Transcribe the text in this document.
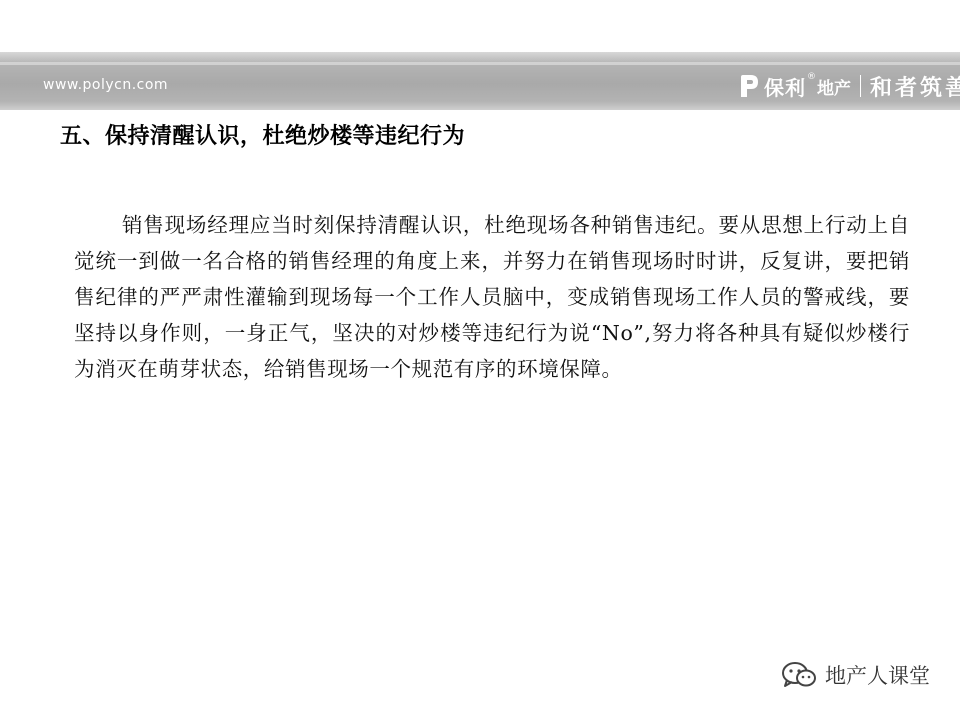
www.polycn.com	保利 ®
地产 和者筑善
五、保持清醒认识，杜绝炒楼等违纪行为
销售现场经理应当时刻保持清醒认识，杜绝现场各种销售违纪。要从思想上行动上自觉统一到做一名合格的销售经理的角度上来，并努力在销售现场时时讲，反复讲，要把销售纪律的严严肃性灌输到现场每一个工作人员脑中，变成销售现场工作人员的警戒线，要坚持以身作则，一身正气，坚决的对炒楼等违纪行为说“No”,努力将各种具有疑似炒楼行为消灭在萌芽状态，给销售现场一个规范有序的环境保障。
地产人课堂
